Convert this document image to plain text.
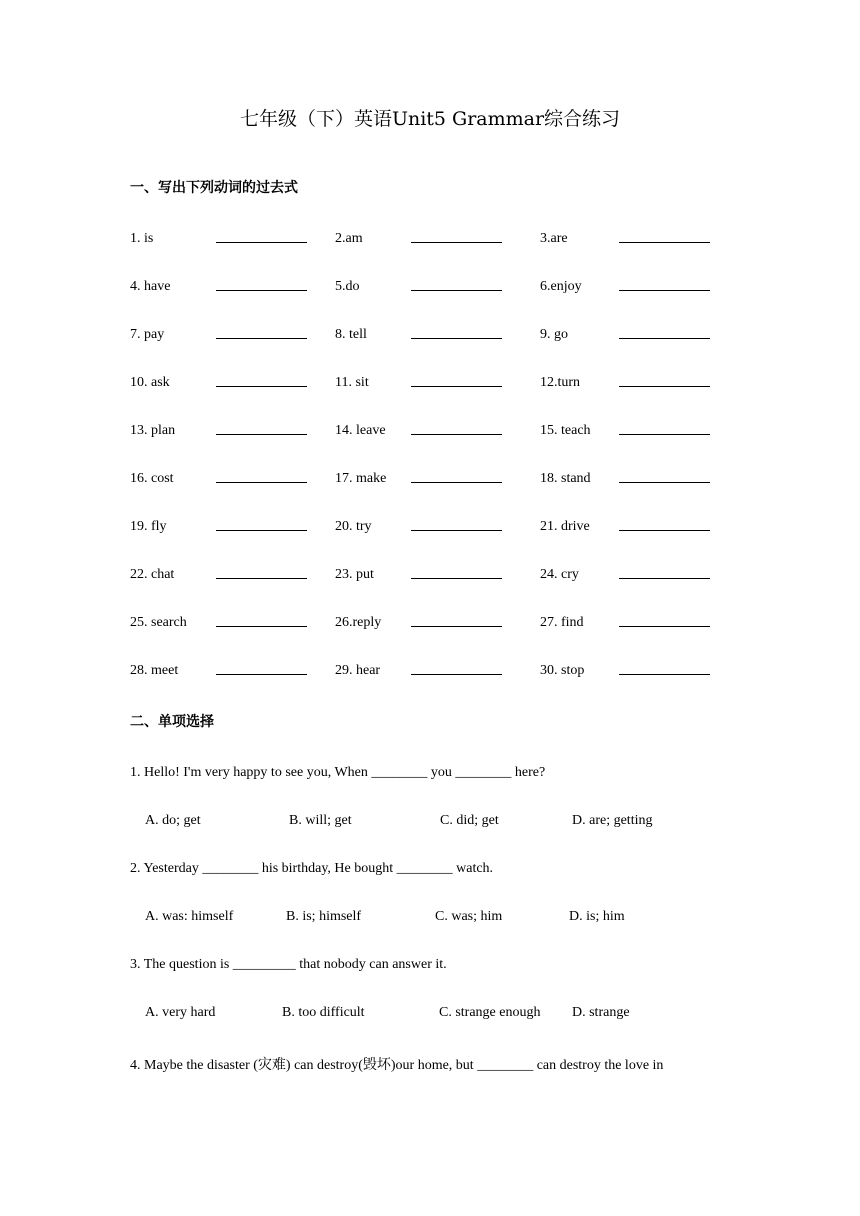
七年级（下）英语Unit5 Grammar综合练习
一、写出下列动词的过去式
1. is	2.am	3.are
4. have	5.do	6.enjoy
7. pay	8. tell	9. go
10. ask	11. sit	12.turn
13. plan	14. leave	15. teach
16. cost	17. make	18. stand
19. fly	20. try	21. drive
22. chat	23. put	24. cry
25. search	26.reply	27. find
28. meet	29. hear	30. stop
二、单项选择
1. Hello! I'm very happy to see you, When ________ you ________ here?
A. do; get	B. will; get	C. did; get	D. are; getting
2. Yesterday ________ his birthday, He bought ________ watch.
A. was: himself	B. is; himself	C. was; him	D. is; him
3. The question is _________ that nobody can answer it.
A. very hard	B. too difficult	C. strange enough D. strange
4. Maybe the disaster (灾难) can destroy(毁坏)our home, but ________ can destroy the love in
